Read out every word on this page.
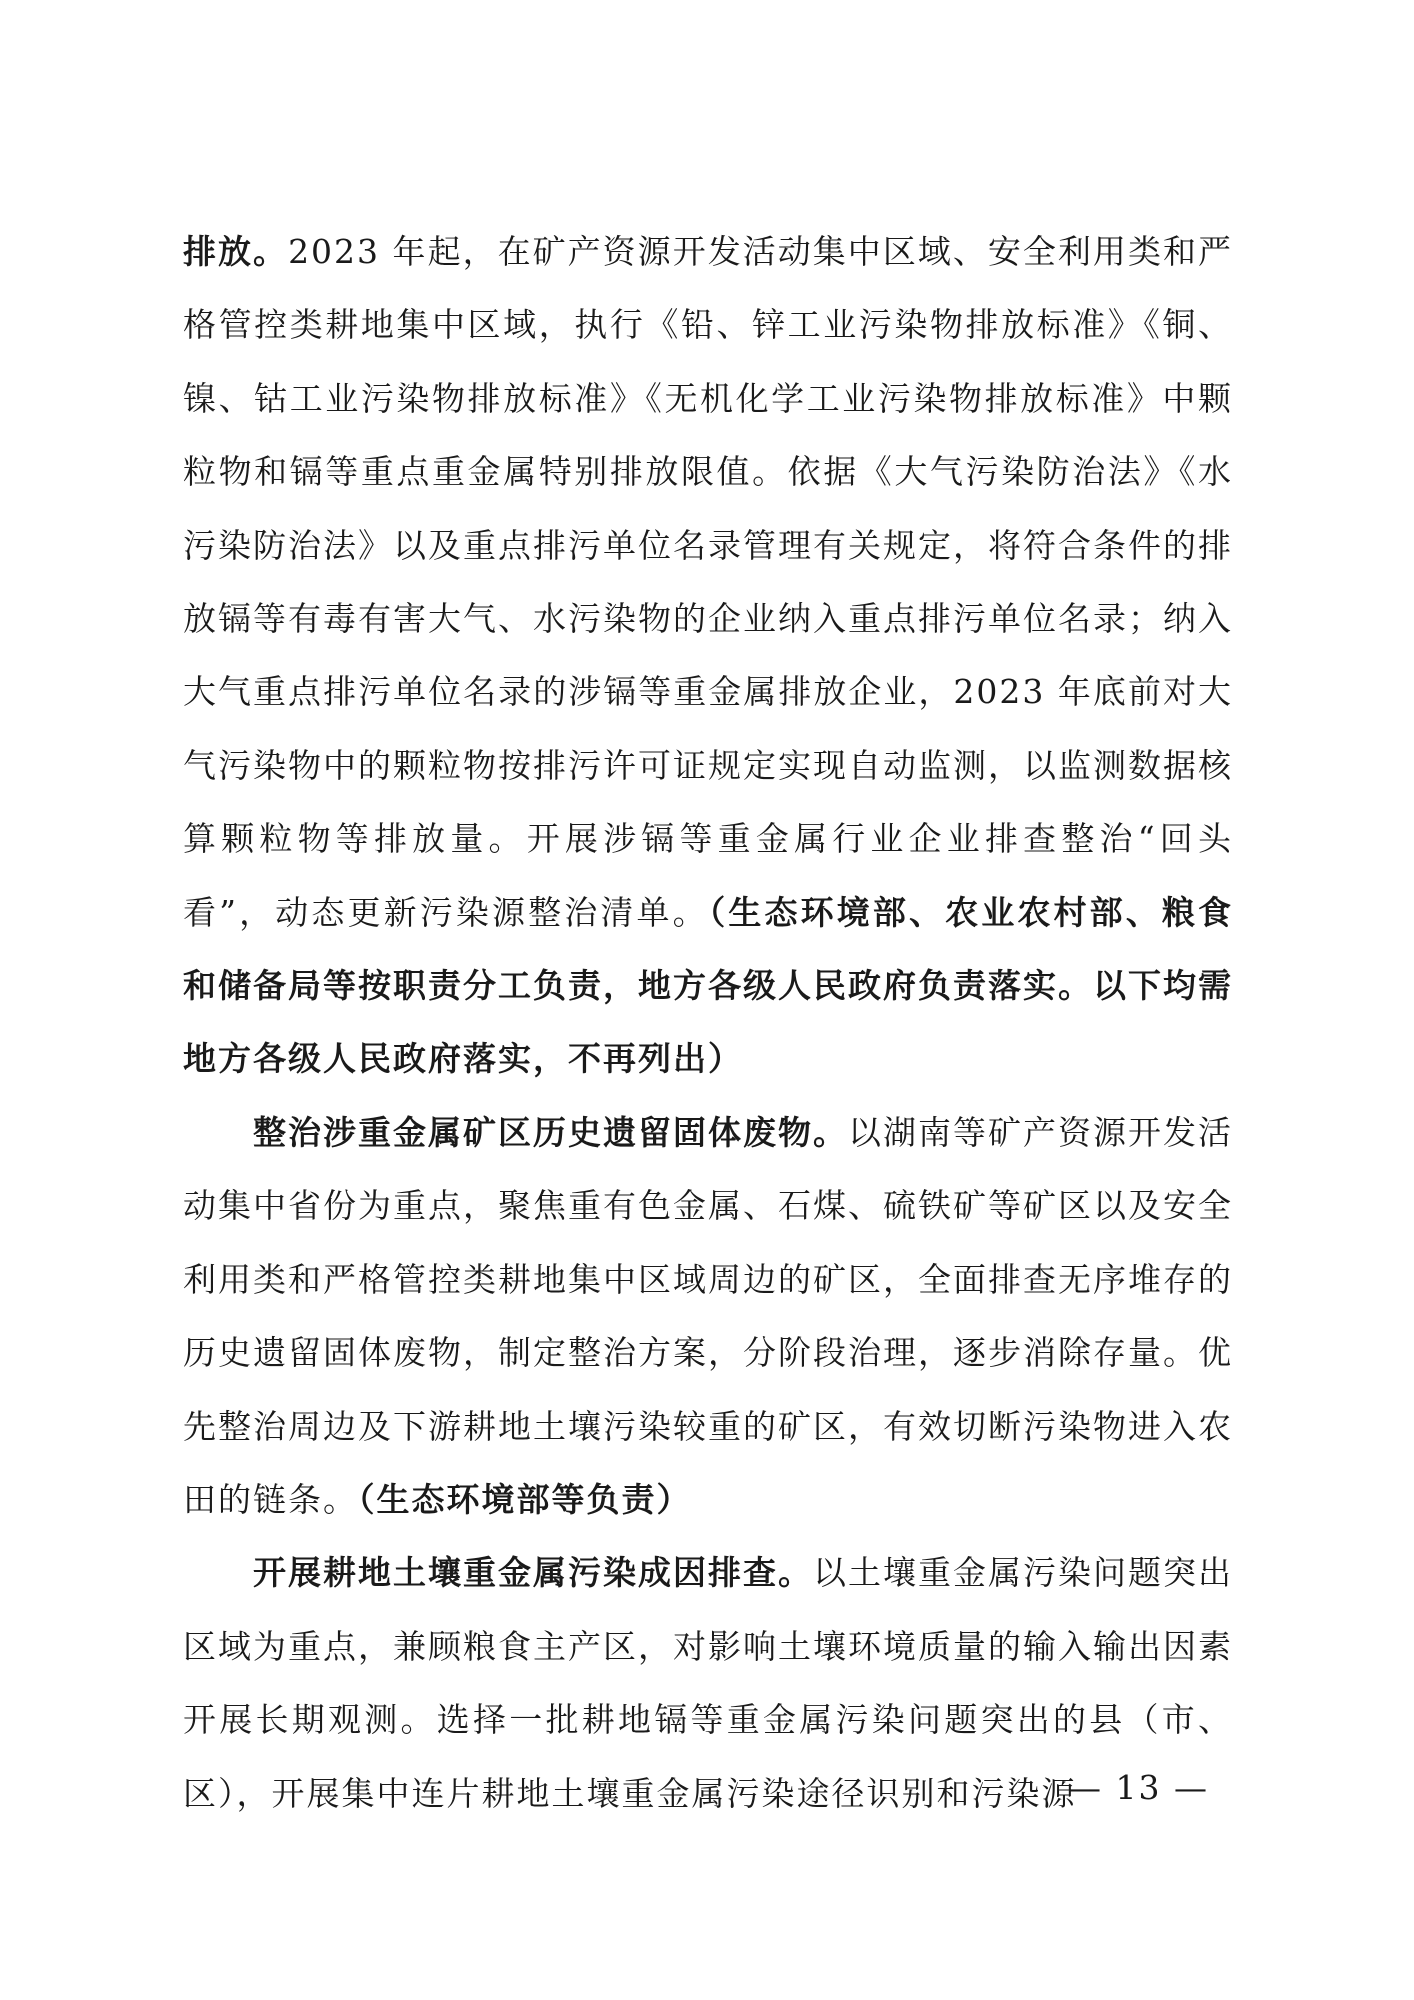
排放。2023 年起，在矿产资源开发活动集中区域、安全利用类和严格管控类耕地集中区域，执行《铅、锌工业污染物排放标准》《铜、镍、钴工业污染物排放标准》《无机化学工业污染物排放标准》中颗粒物和镉等重点重金属特别排放限值。依据《大气污染防治法》《水污染防治法》以及重点排污单位名录管理有关规定，将符合条件的排放镉等有毒有害大气、水污染物的企业纳入重点排污单位名录；纳入大气重点排污单位名录的涉镉等重金属排放企业，2023 年底前对大气污染物中的颗粒物按排污许可证规定实现自动监测，以监测数据核算颗粒物等排放量。开展涉镉等重金属行业企业排查整治“回头看”，动态更新污染源整治清单。（生态环境部、农业农村部、粮食和储备局等按职责分工负责，地方各级人民政府负责落实。以下均需地方各级人民政府落实，不再列出）

整治涉重金属矿区历史遗留固体废物。以湖南等矿产资源开发活动集中省份为重点，聚焦重有色金属、石煤、硫铁矿等矿区以及安全利用类和严格管控类耕地集中区域周边的矿区，全面排查无序堆存的历史遗留固体废物，制定整治方案，分阶段治理，逐步消除存量。优先整治周边及下游耕地土壤污染较重的矿区，有效切断污染物进入农田的链条。（生态环境部等负责）

开展耕地土壤重金属污染成因排查。以土壤重金属污染问题突出区域为重点，兼顾粮食主产区，对影响土壤环境质量的输入输出因素开展长期观测。选择一批耕地镉等重金属污染问题突出的县（市、区），开展集中连片耕地土壤重金属污染途径识别和污染源

— 13 —
